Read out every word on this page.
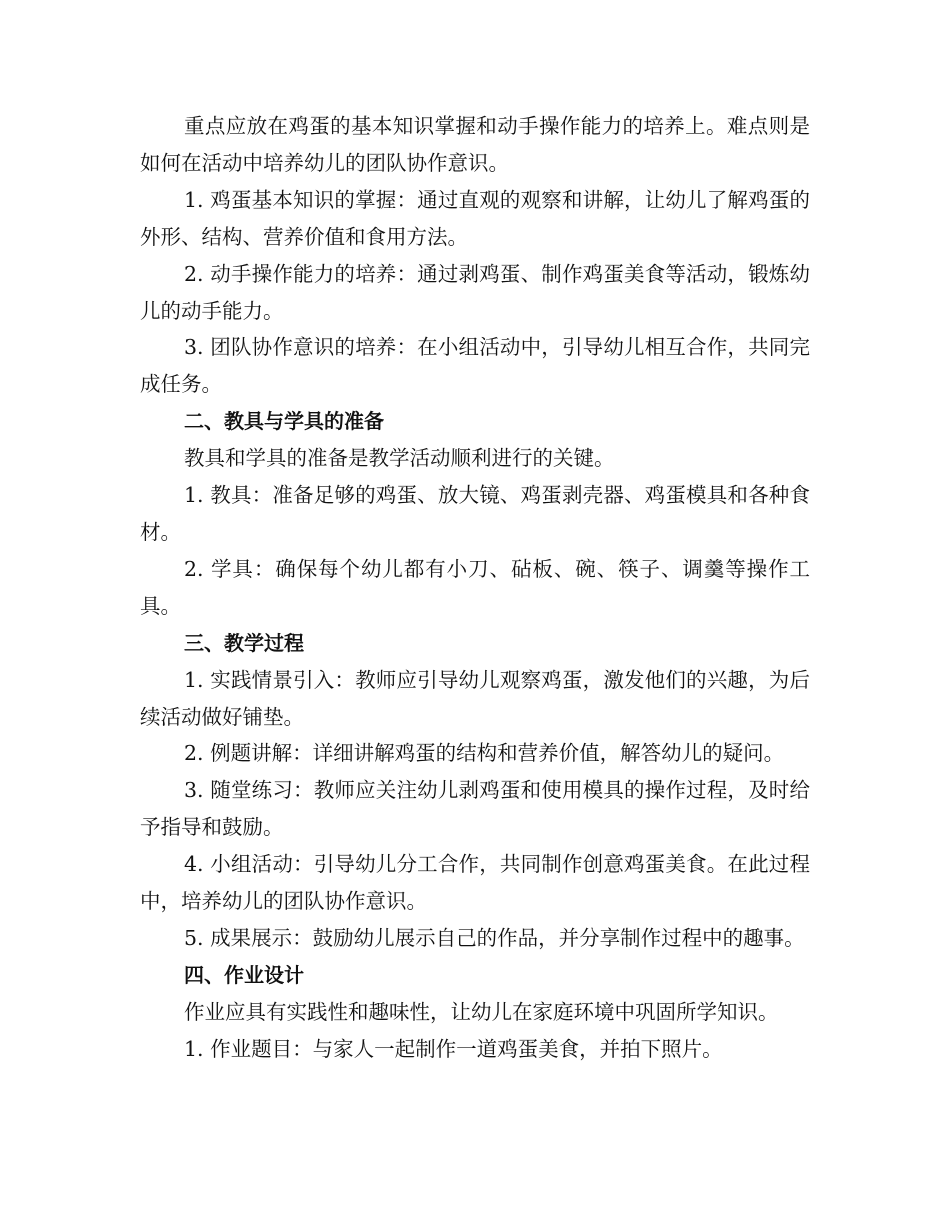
重点应放在鸡蛋的基本知识掌握和动手操作能力的培养上。难点则是如何在活动中培养幼儿的团队协作意识。

1. 鸡蛋基本知识的掌握：通过直观的观察和讲解，让幼儿了解鸡蛋的外形、结构、营养价值和食用方法。

2. 动手操作能力的培养：通过剥鸡蛋、制作鸡蛋美食等活动，锻炼幼儿的动手能力。

3. 团队协作意识的培养：在小组活动中，引导幼儿相互合作，共同完成任务。

二、教具与学具的准备

教具和学具的准备是教学活动顺利进行的关键。

1. 教具：准备足够的鸡蛋、放大镜、鸡蛋剥壳器、鸡蛋模具和各种食材。

2. 学具：确保每个幼儿都有小刀、砧板、碗、筷子、调羹等操作工具。

三、教学过程

1. 实践情景引入：教师应引导幼儿观察鸡蛋，激发他们的兴趣，为后续活动做好铺垫。

2. 例题讲解：详细讲解鸡蛋的结构和营养价值，解答幼儿的疑问。

3. 随堂练习：教师应关注幼儿剥鸡蛋和使用模具的操作过程，及时给予指导和鼓励。

4. 小组活动：引导幼儿分工合作，共同制作创意鸡蛋美食。在此过程中，培养幼儿的团队协作意识。

5. 成果展示：鼓励幼儿展示自己的作品，并分享制作过程中的趣事。

四、作业设计

作业应具有实践性和趣味性，让幼儿在家庭环境中巩固所学知识。

1. 作业题目：与家人一起制作一道鸡蛋美食，并拍下照片。
